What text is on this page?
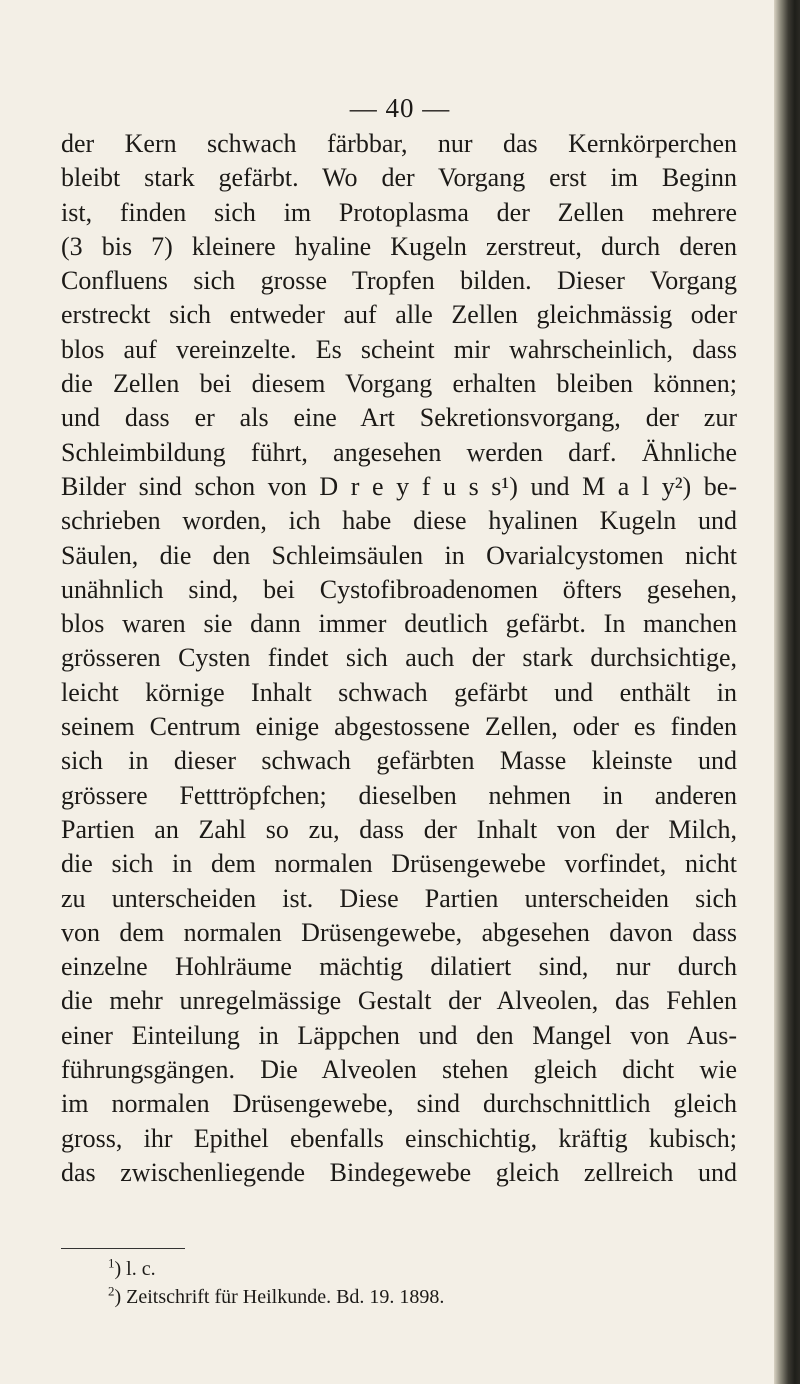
— 40 —
der Kern schwach färbbar, nur das Kernkörperchen
bleibt stark gefärbt. Wo der Vorgang erst im Beginn
ist, finden sich im Protoplasma der Zellen mehrere
(3 bis 7) kleinere hyaline Kugeln zerstreut, durch deren
Confluens sich grosse Tropfen bilden. Dieser Vorgang
erstreckt sich entweder auf alle Zellen gleichmässig oder
blos auf vereinzelte. Es scheint mir wahrscheinlich, dass
die Zellen bei diesem Vorgang erhalten bleiben können;
und dass er als eine Art Sekretionsvorgang, der zur
Schleimbildung führt, angesehen werden darf. Ähnliche
Bilder sind schon von D r e y f u s s¹) und M a l y²) be-
schrieben worden, ich habe diese hyalinen Kugeln und
Säulen, die den Schleimsäulen in Ovarialcystomen nicht
unähnlich sind, bei Cystofibroadenomen öfters gesehen,
blos waren sie dann immer deutlich gefärbt. In manchen
grösseren Cysten findet sich auch der stark durchsichtige,
leicht körnige Inhalt schwach gefärbt und enthält in
seinem Centrum einige abgestossene Zellen, oder es finden
sich in dieser schwach gefärbten Masse kleinste und
grössere Fetttröpfchen; dieselben nehmen in anderen
Partien an Zahl so zu, dass der Inhalt von der Milch,
die sich in dem normalen Drüsengewebe vorfindet, nicht
zu unterscheiden ist. Diese Partien unterscheiden sich
von dem normalen Drüsengewebe, abgesehen davon dass
einzelne Hohlräume mächtig dilatiert sind, nur durch
die mehr unregelmässige Gestalt der Alveolen, das Fehlen
einer Einteilung in Läppchen und den Mangel von Aus-
führungsgängen. Die Alveolen stehen gleich dicht wie
im normalen Drüsengewebe, sind durchschnittlich gleich
gross, ihr Epithel ebenfalls einschichtig, kräftig kubisch;
das zwischenliegende Bindegewebe gleich zellreich und
$^1$) l. c.
$^2$) Zeitschrift für Heilkunde. Bd. 19. 1898.
